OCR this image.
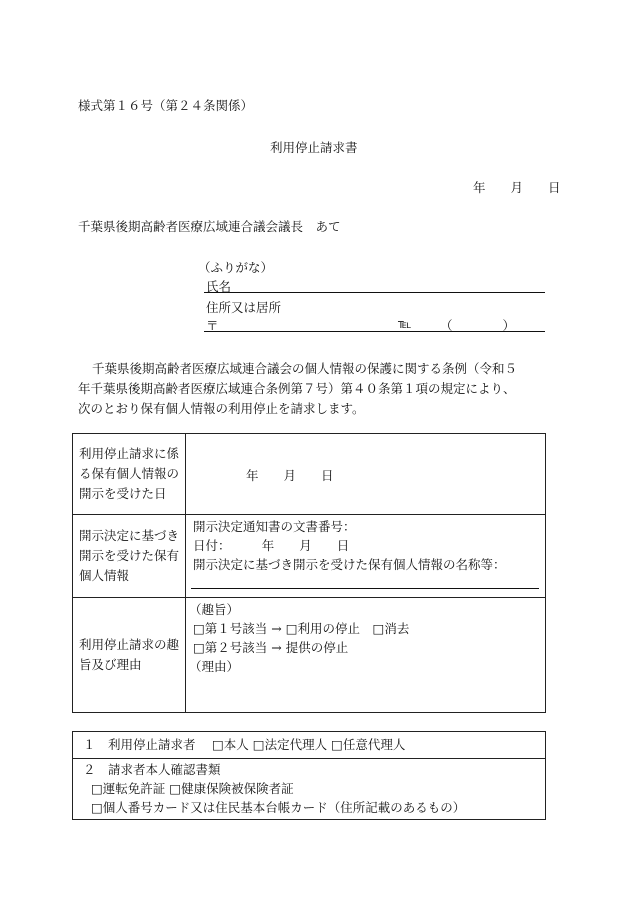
様式第１６号（第２４条関係）
利用停止請求書
年　　月　　日
千葉県後期高齢者医療広域連合議会議長　あて
（ふりがな）
氏名
住所又は居所
〒	℡ （　　　　）
千葉県後期高齢者医療広域連合議会の個人情報の保護に関する条例（令和５
年千葉県後期高齢者医療広域連合条例第７号）第４０条第１項の規定により、
次のとおり保有個人情報の利用停止を請求します。
利用停止請求に係る保有個人情報の開示を受けた日	年　　月　　日

開示決定に基づき開示を受けた保有個人情報	開示決定通知書の文書番号：
日付：　　　年　　月　　日
開示決定に基づき開示を受けた保有個人情報の名称等：

利用停止請求の趣旨及び理由	（趣旨）
□第１号該当 → □利用の停止　□消去
□第２号該当 → 提供の停止
（理由）
１　利用停止請求者　 □本人 □法定代理人 □任意代理人

２　請求者本人確認書類
□運転免許証 □健康保険被保険者証
□個人番号カード又は住民基本台帳カード（住所記載のあるもの）
